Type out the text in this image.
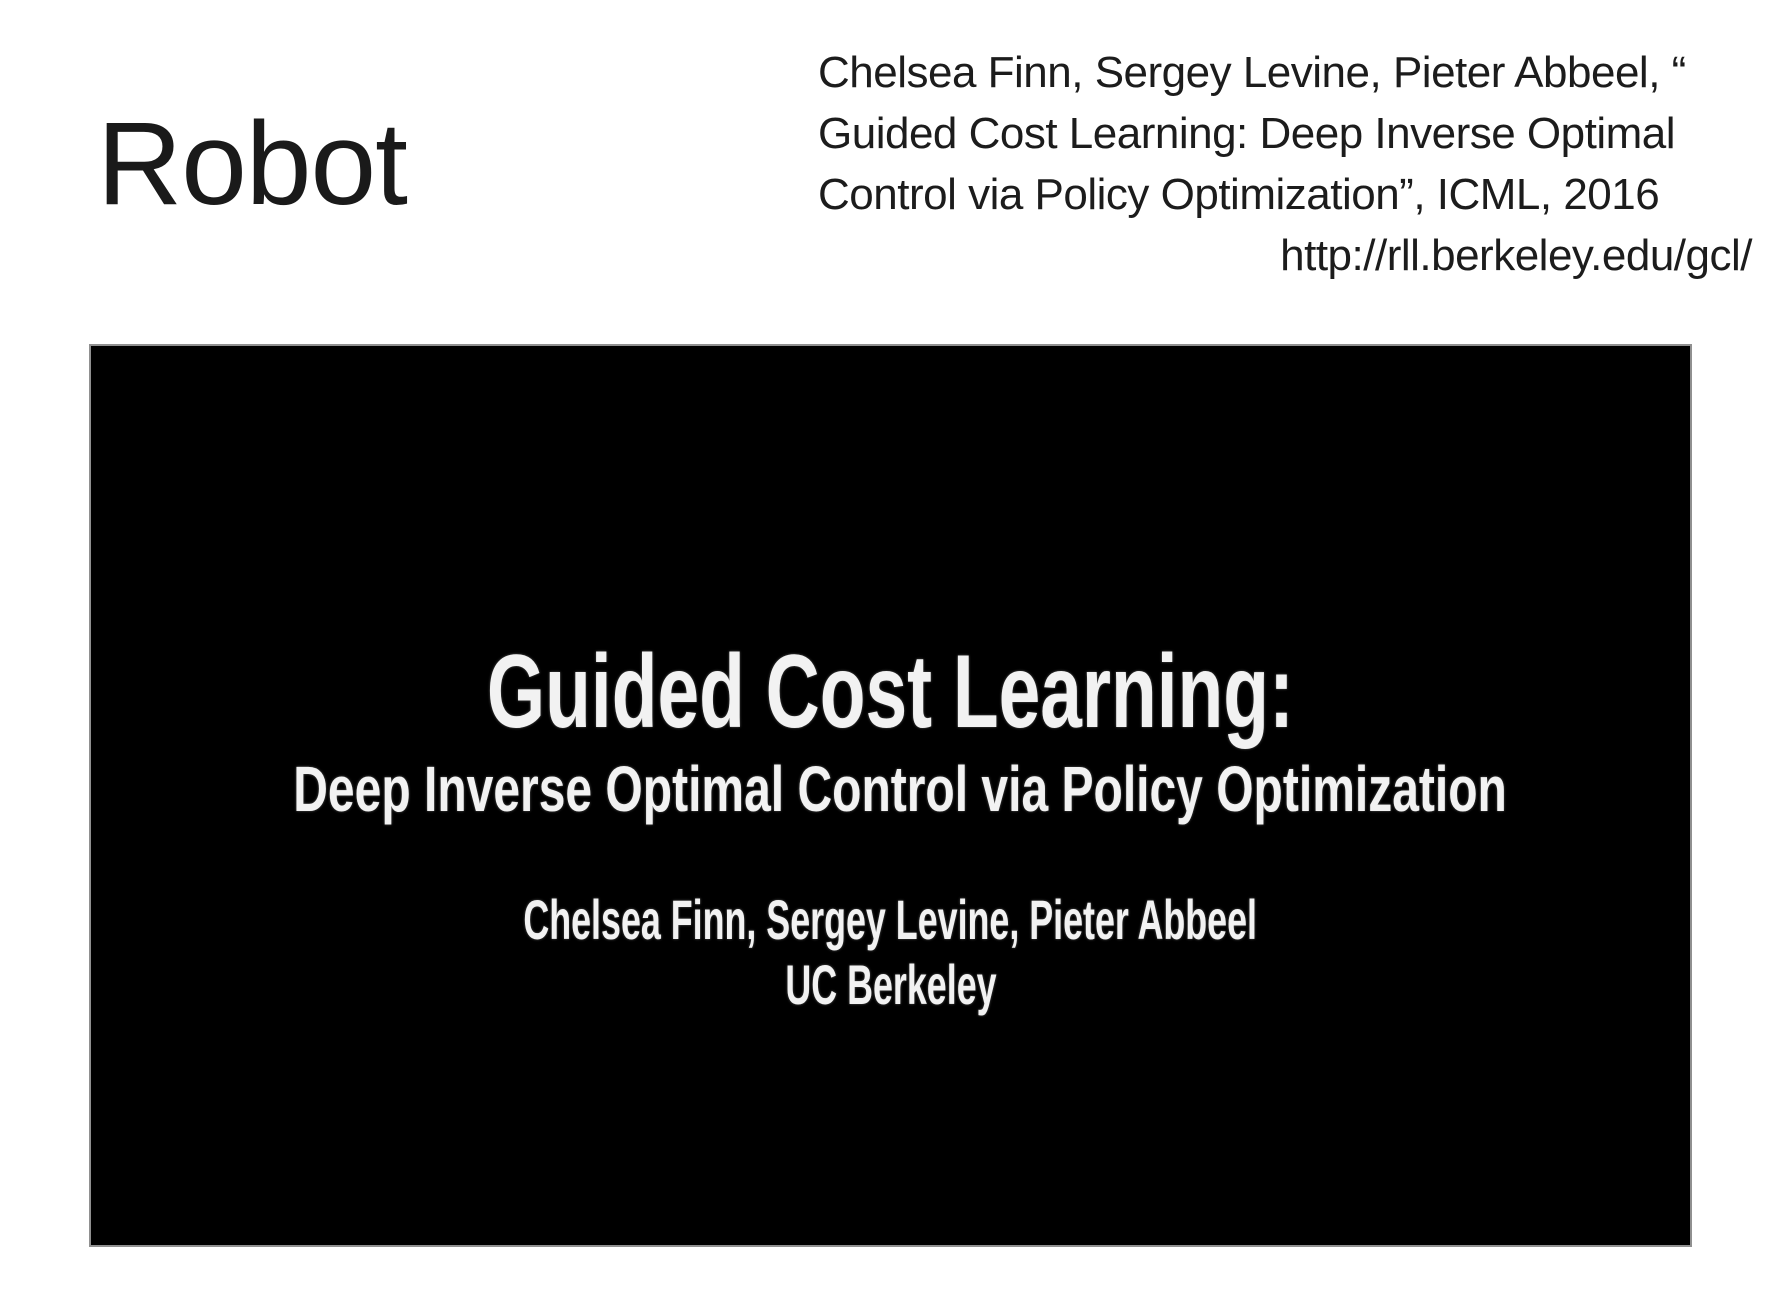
Robot
Chelsea Finn, Sergey Levine, Pieter Abbeel, “
Guided Cost Learning: Deep Inverse Optimal
Control via Policy Optimization”, ICML, 2016
http://rll.berkeley.edu/gcl/
Guided Cost Learning:
Deep Inverse Optimal Control via Policy Optimization
Chelsea Finn, Sergey Levine, Pieter Abbeel
UC Berkeley
